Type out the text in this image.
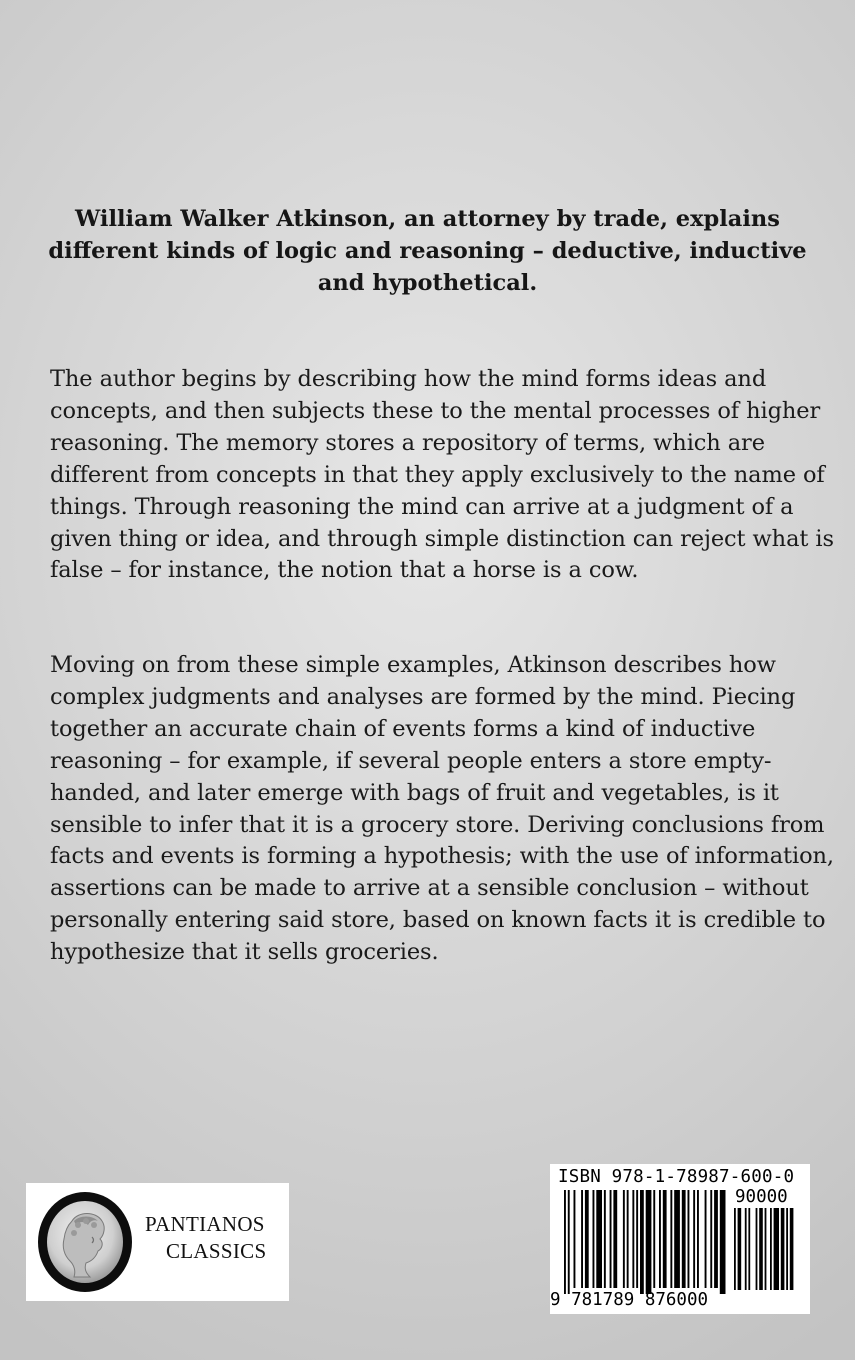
William Walker Atkinson, an attorney by trade, explains different kinds of logic and reasoning – deductive, inductive and hypothetical.

The author begins by describing how the mind forms ideas and concepts, and then subjects these to the mental processes of higher reasoning. The memory stores a repository of terms, which are different from concepts in that they apply exclusively to the name of things. Through reasoning the mind can arrive at a judgment of a given thing or idea, and through simple distinction can reject what is false – for instance, the notion that a horse is a cow.

Moving on from these simple examples, Atkinson describes how complex judgments and analyses are formed by the mind. Piecing together an accurate chain of events forms a kind of inductive reasoning – for example, if several people enters a store empty-handed, and later emerge with bags of fruit and vegetables, is it sensible to infer that it is a grocery store. Deriving conclusions from facts and events is forming a hypothesis; with the use of information, assertions can be made to arrive at a sensible conclusion – without personally entering said store, based on known facts it is credible to hypothesize that it sells groceries.

PANTIANOS
CLASSICS
ISBN 978-1-78987-600-0
90000
9 781789 876000
